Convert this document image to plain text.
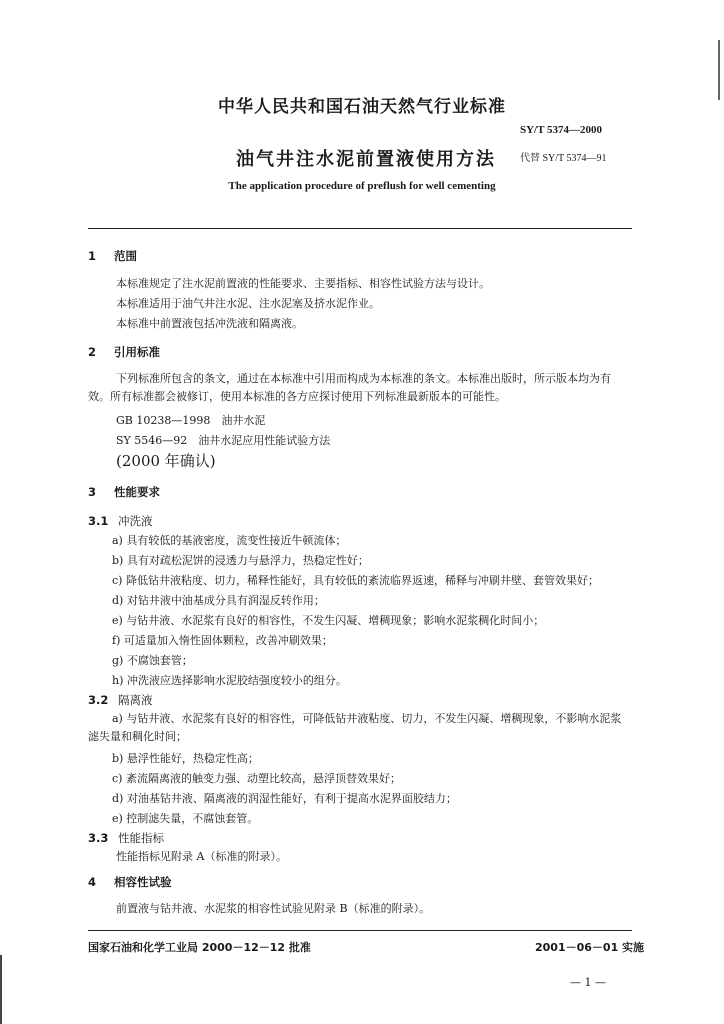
中华人民共和国石油天然气行业标准
SY/T 5374—2000
油气井注水泥前置液使用方法 代替 SY/T 5374—91
The application procedure of preflush for well cementing
1 范围
本标准规定了注水泥前置液的性能要求、主要指标、相容性试验方法与设计。
本标准适用于油气井注水泥、注水泥塞及挤水泥作业。
本标准中前置液包括冲洗液和隔离液。
2 引用标准
下列标准所包含的条文，通过在本标准中引用而构成为本标准的条文。本标准出版时，所示版本均为有效。所有标准都会被修订，使用本标准的各方应探讨使用下列标准最新版本的可能性。
GB 10238—1998　油井水泥
SY 5546—92　油井水泥应用性能试验方法
(2000 年确认)
3 性能要求
3.1 冲洗液
a) 具有较低的基液密度，流变性接近牛顿流体；
b) 具有对疏松泥饼的浸透力与悬浮力，热稳定性好；
c) 降低钻井液粘度、切力，稀释性能好，具有较低的紊流临界返速，稀释与冲刷井壁、套管效果好；
d) 对钻井液中油基成分具有润湿反转作用；
e) 与钻井液、水泥浆有良好的相容性，不发生闪凝、增稠现象；影响水泥浆稠化时间小；
f) 可适量加入惰性固体颗粒，改善冲刷效果；
g) 不腐蚀套管；
h) 冲洗液应选择影响水泥胶结强度较小的组分。
3.2 隔离液
a) 与钻井液、水泥浆有良好的相容性，可降低钻井液粘度、切力，不发生闪凝、增稠现象，不影响水泥浆滤失量和稠化时间；
b) 悬浮性能好，热稳定性高；
c) 紊流隔离液的触变力强、动塑比较高，悬浮顶替效果好；
d) 对油基钻井液、隔离液的润湿性能好，有利于提高水泥界面胶结力；
e) 控制滤失量，不腐蚀套管。
3.3 性能指标
性能指标见附录 A（标准的附录）。
4 相容性试验
前置液与钻井液、水泥浆的相容性试验见附录 B（标准的附录）。
国家石油和化学工业局 2000－12－12 批准	2001－06－01 实施
— 1 —
